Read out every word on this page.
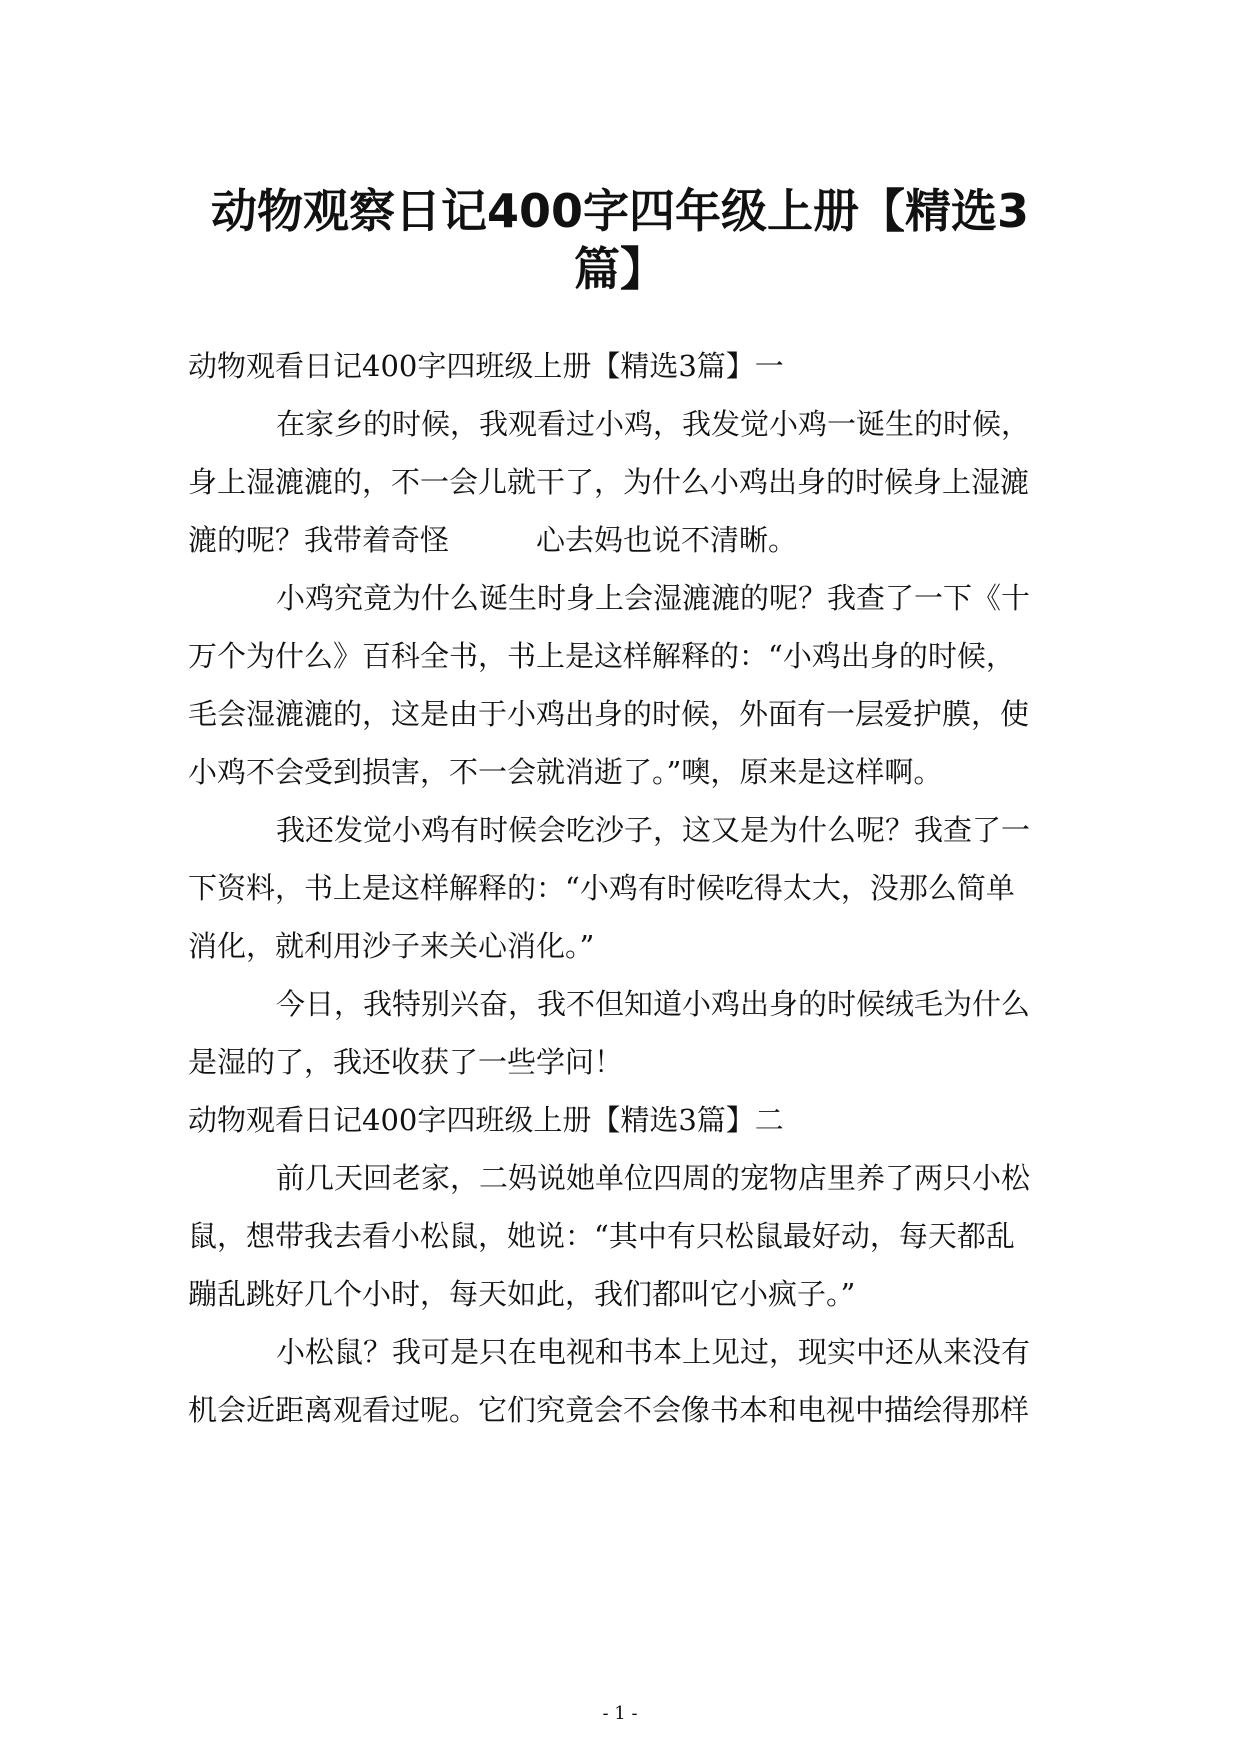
动物观察日记400字四年级上册【精选3
篇】

动物观看日记400字四班级上册【精选3篇】一

在家乡的时候，我观看过小鸡，我发觉小鸡一诞生的时候，

身上湿漉漉的，不一会儿就干了，为什么小鸡出身的时候身上湿漉

漉的呢？我带着奇怪　　　心去妈也说不清晰。

小鸡究竟为什么诞生时身上会湿漉漉的呢？我查了一下《十

万个为什么》百科全书，书上是这样解释的：“小鸡出身的时候，

毛会湿漉漉的，这是由于小鸡出身的时候，外面有一层爱护膜，使

小鸡不会受到损害，不一会就消逝了。”噢，原来是这样啊。

我还发觉小鸡有时候会吃沙子，这又是为什么呢？我查了一

下资料，书上是这样解释的：“小鸡有时候吃得太大，没那么简单

消化，就利用沙子来关心消化。”

今日，我特别兴奋，我不但知道小鸡出身的时候绒毛为什么

是湿的了，我还收获了一些学问！

动物观看日记400字四班级上册【精选3篇】二

前几天回老家，二妈说她单位四周的宠物店里养了两只小松

鼠，想带我去看小松鼠，她说：“其中有只松鼠最好动，每天都乱

蹦乱跳好几个小时，每天如此，我们都叫它小疯子。”

小松鼠？我可是只在电视和书本上见过，现实中还从来没有

机会近距离观看过呢。它们究竟会不会像书本和电视中描绘得那样

- 1 -
